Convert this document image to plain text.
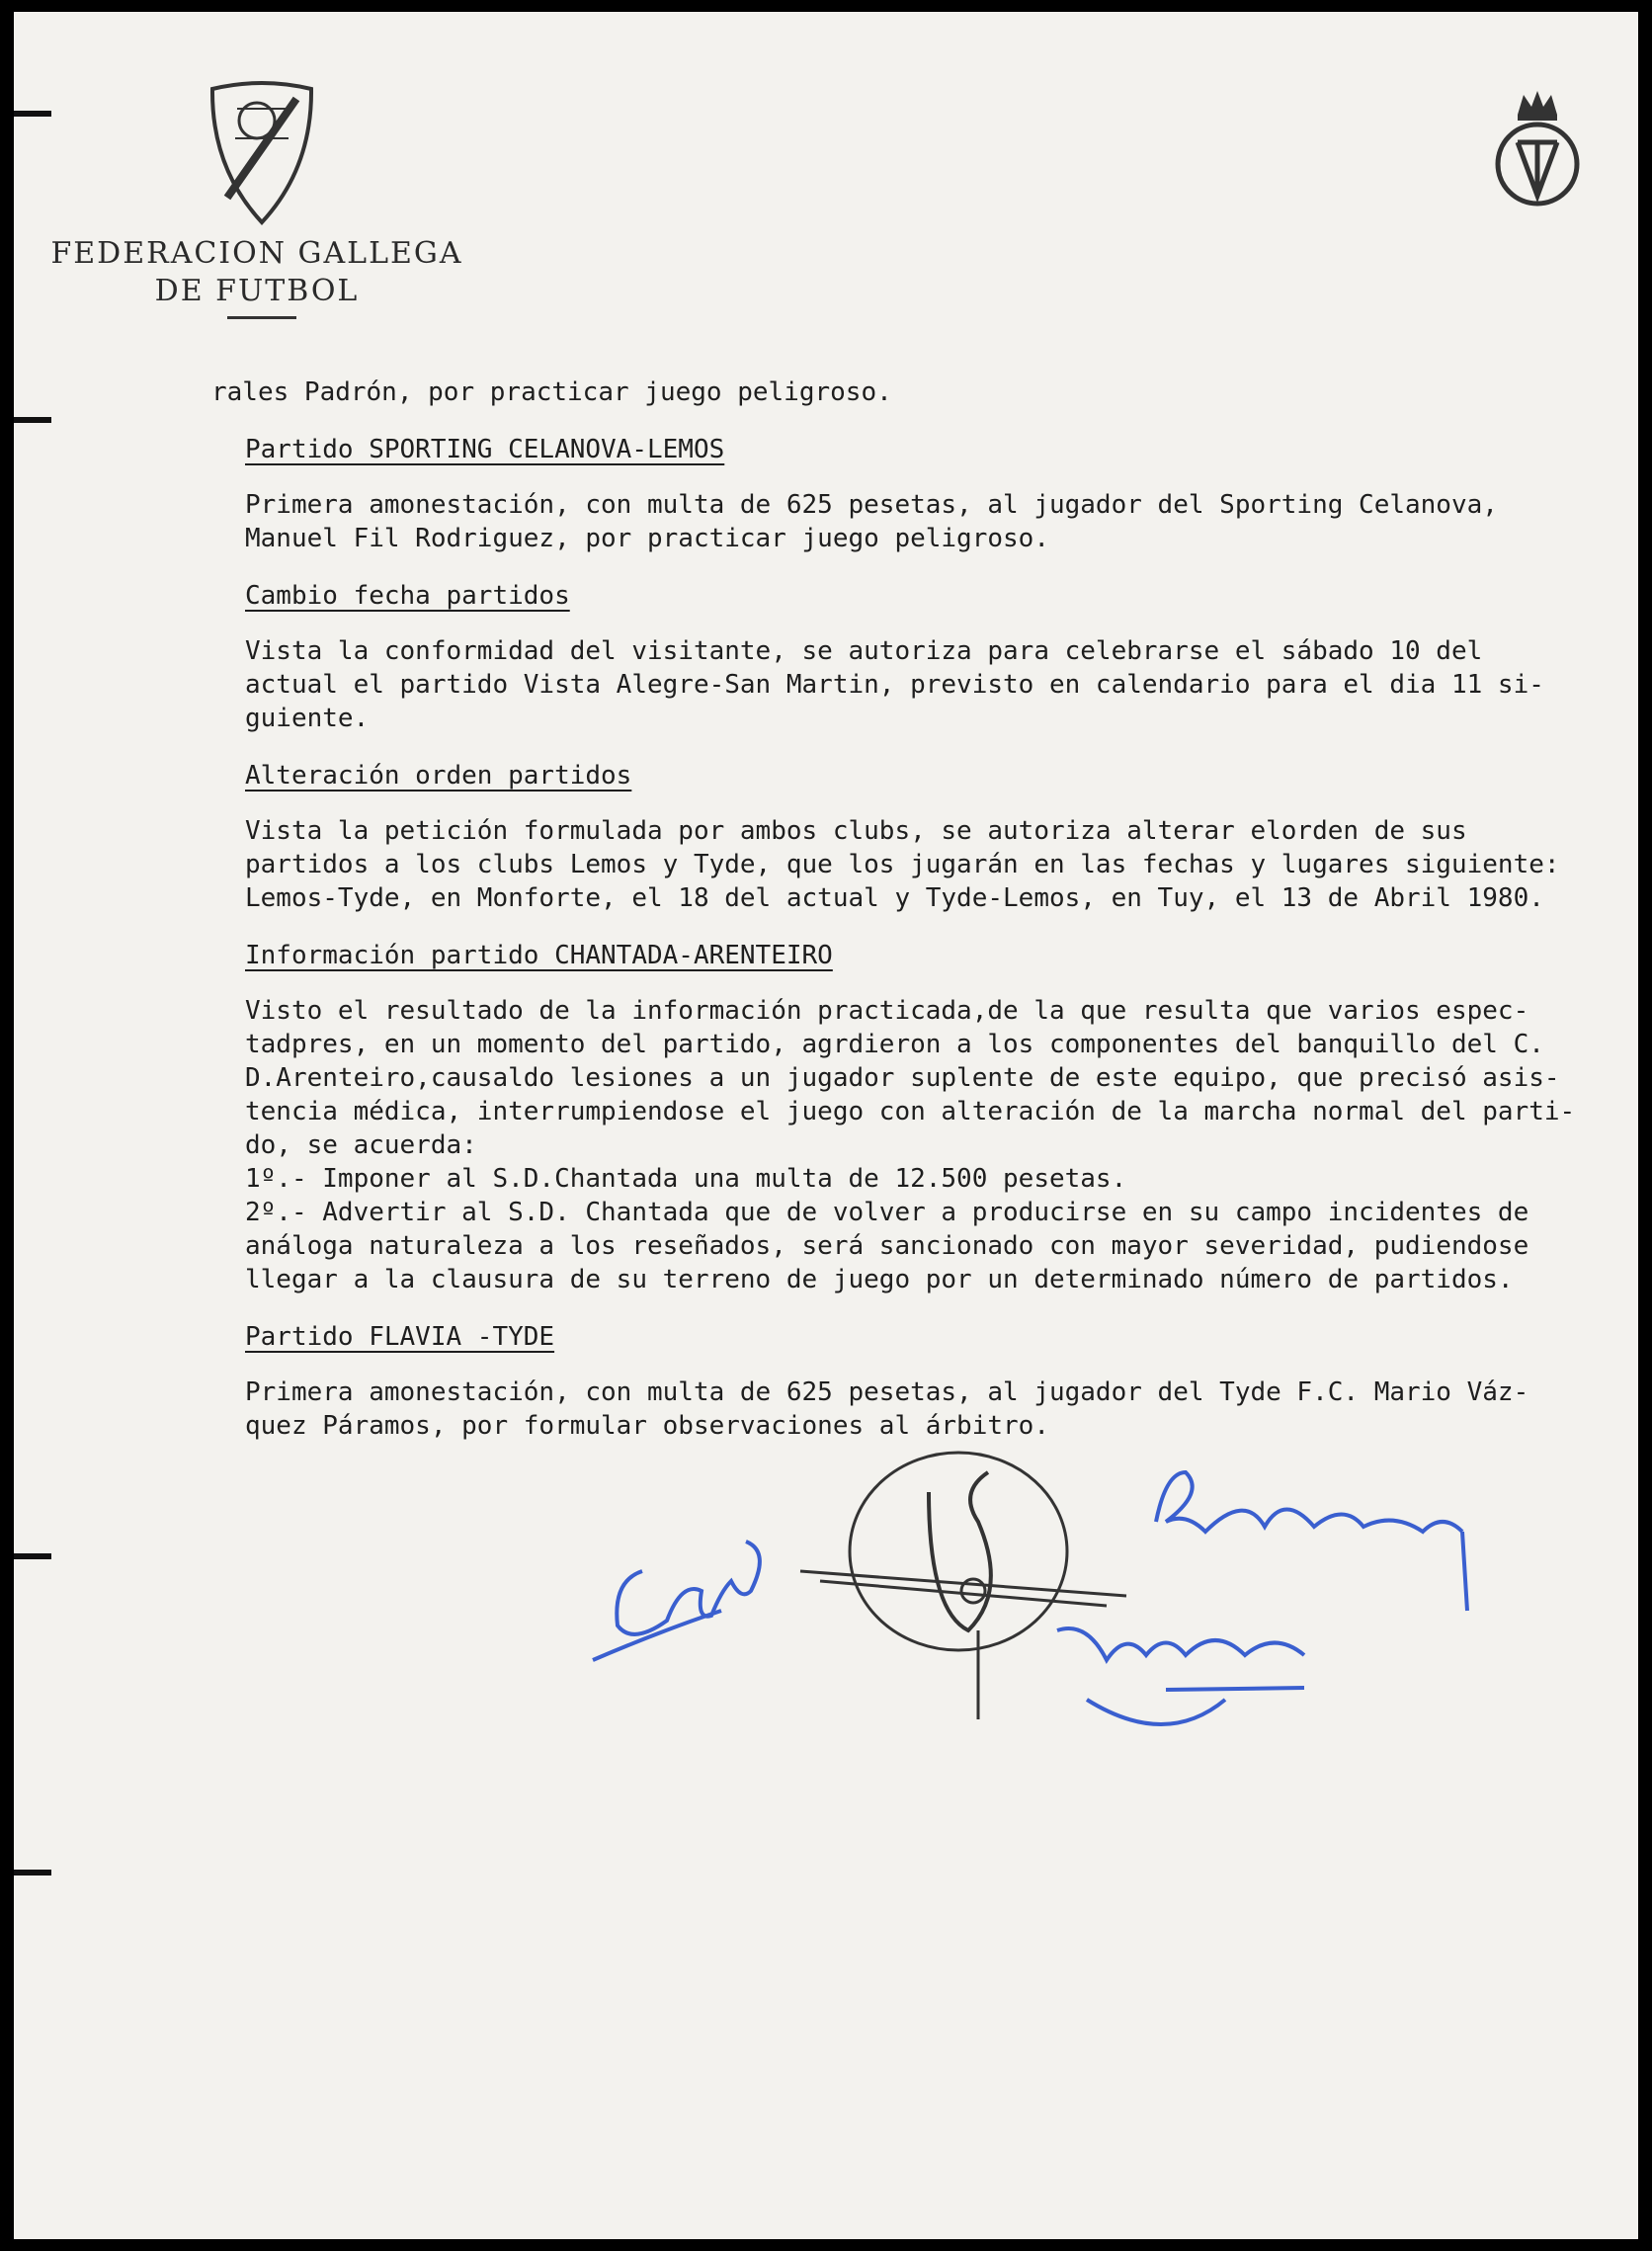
FEDERACION GALLEGA
DE FUTBOL
rales Padrón, por practicar juego peligroso.
Partido SPORTING CELANOVA-LEMOS
Primera amonestación, con multa de 625 pesetas, al jugador del Sporting Celanova,
Manuel Fil Rodriguez, por practicar juego peligroso.
Cambio fecha partidos
Vista la conformidad del visitante, se autoriza para celebrarse el sábado 10 del
actual el partido Vista Alegre-San Martin, previsto en calendario para el dia 11 si-
guiente.
Alteración orden partidos
Vista la petición formulada por ambos clubs, se autoriza alterar elorden de sus
partidos a los clubs Lemos y Tyde, que los jugarán en las fechas y lugares siguiente:
Lemos-Tyde, en Monforte, el 18 del actual y Tyde-Lemos, en Tuy, el 13 de Abril 1980.
Información partido CHANTADA-ARENTEIRO
Visto el resultado de la información practicada,de la que resulta que varios espec-
tadpres, en un momento del partido, agrdieron a los componentes del banquillo del C.
D.Arenteiro,causaldo lesiones a un jugador suplente de este equipo, que precisó asis-
tencia médica, interrumpiendose el juego con alteración de la marcha normal del parti-
do, se acuerda:
1º.- Imponer al S.D.Chantada una multa de 12.500 pesetas.
2º.- Advertir al S.D. Chantada que de volver a producirse en su campo incidentes de
análoga naturaleza a los reseñados, será sancionado con mayor severidad, pudiendose
llegar a la clausura de su terreno de juego por un determinado número de partidos.
Partido FLAVIA -TYDE
Primera amonestación, con multa de 625 pesetas, al jugador del Tyde F.C. Mario Váz-
quez Páramos, por formular observaciones al árbitro.
